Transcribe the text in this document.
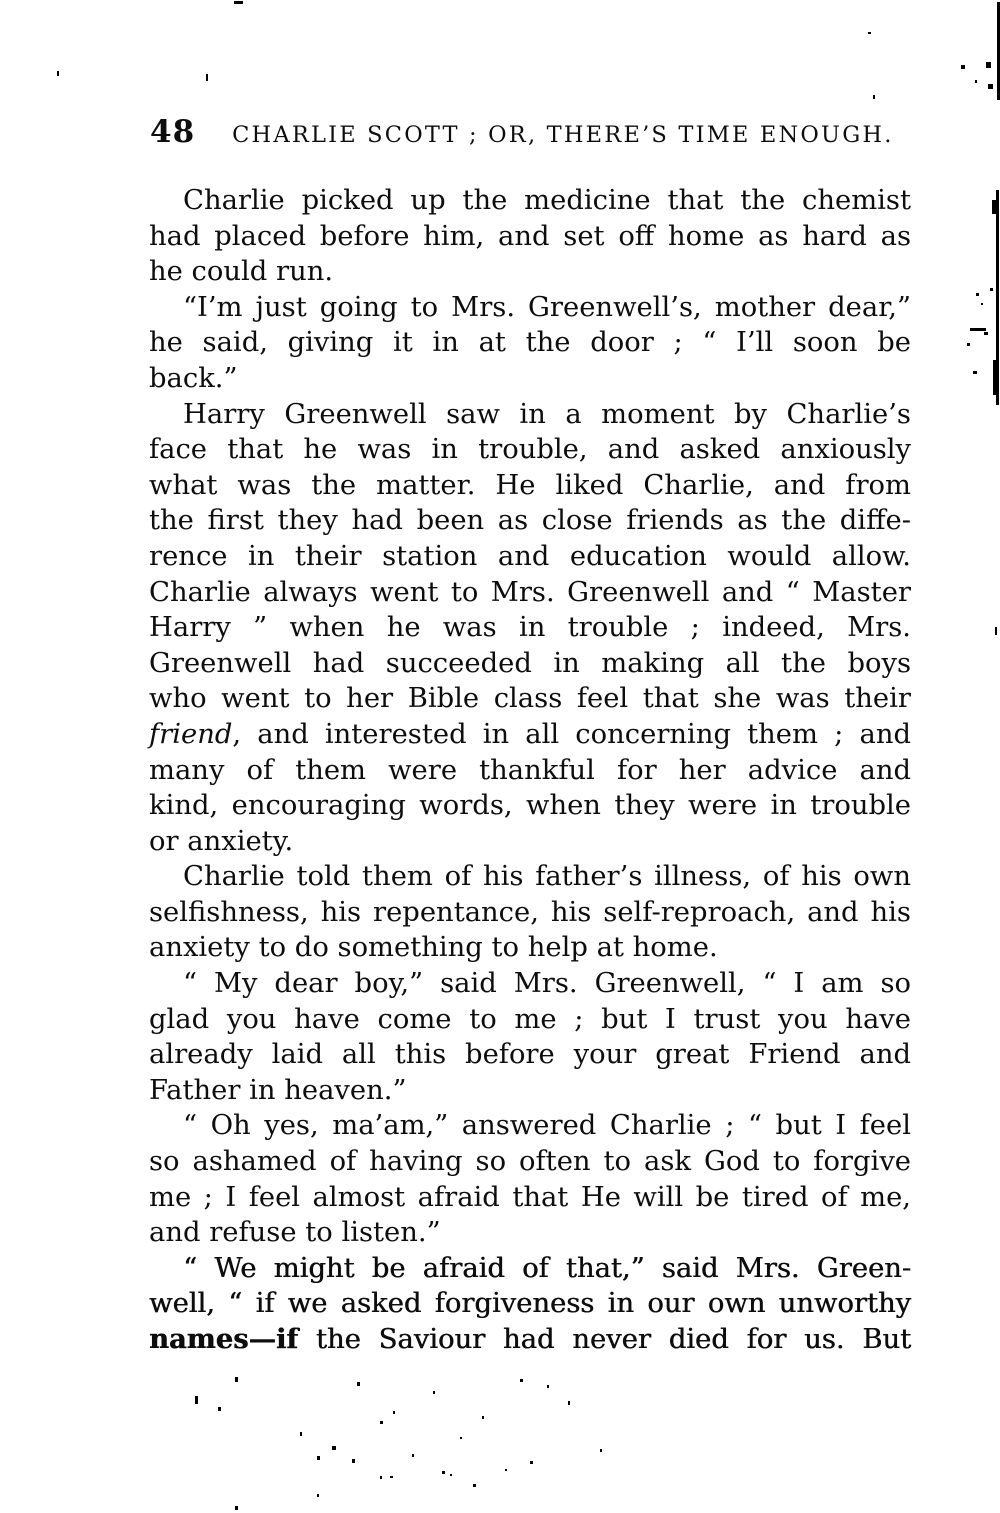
48 CHARLIE SCOTT ; OR, THERE’S TIME ENOUGH.
Charlie picked up the medicine that the chemist
had placed before him, and set off home as hard as
he could run.
“I’m just going to Mrs. Greenwell’s, mother dear,”
he said, giving it in at the door ; “ I’ll soon be
back.”
Harry Greenwell saw in a moment by Charlie’s
face that he was in trouble, and asked anxiously
what was the matter. He liked Charlie, and from
the first they had been as close friends as the diffe-
rence in their station and education would allow.
Charlie always went to Mrs. Greenwell and “ Master
Harry ” when he was in trouble ; indeed, Mrs.
Greenwell had succeeded in making all the boys
who went to her Bible class feel that she was their
friend, and interested in all concerning them ; and
many of them were thankful for her advice and
kind, encouraging words, when they were in trouble
or anxiety.
Charlie told them of his father’s illness, of his own
selfishness, his repentance, his self-reproach, and his
anxiety to do something to help at home.
“ My dear boy,” said Mrs. Greenwell, “ I am so
glad you have come to me ; but I trust you have
already laid all this before your great Friend and
Father in heaven.”
“ Oh yes, ma’am,” answered Charlie ; “ but I feel
so ashamed of having so often to ask God to forgive
me ; I feel almost afraid that He will be tired of me,
and refuse to listen.”
“ We might be afraid of that,” said Mrs. Green-
well, “ if we asked forgiveness in our own unworthy
names—if the Saviour had never died for us. But
